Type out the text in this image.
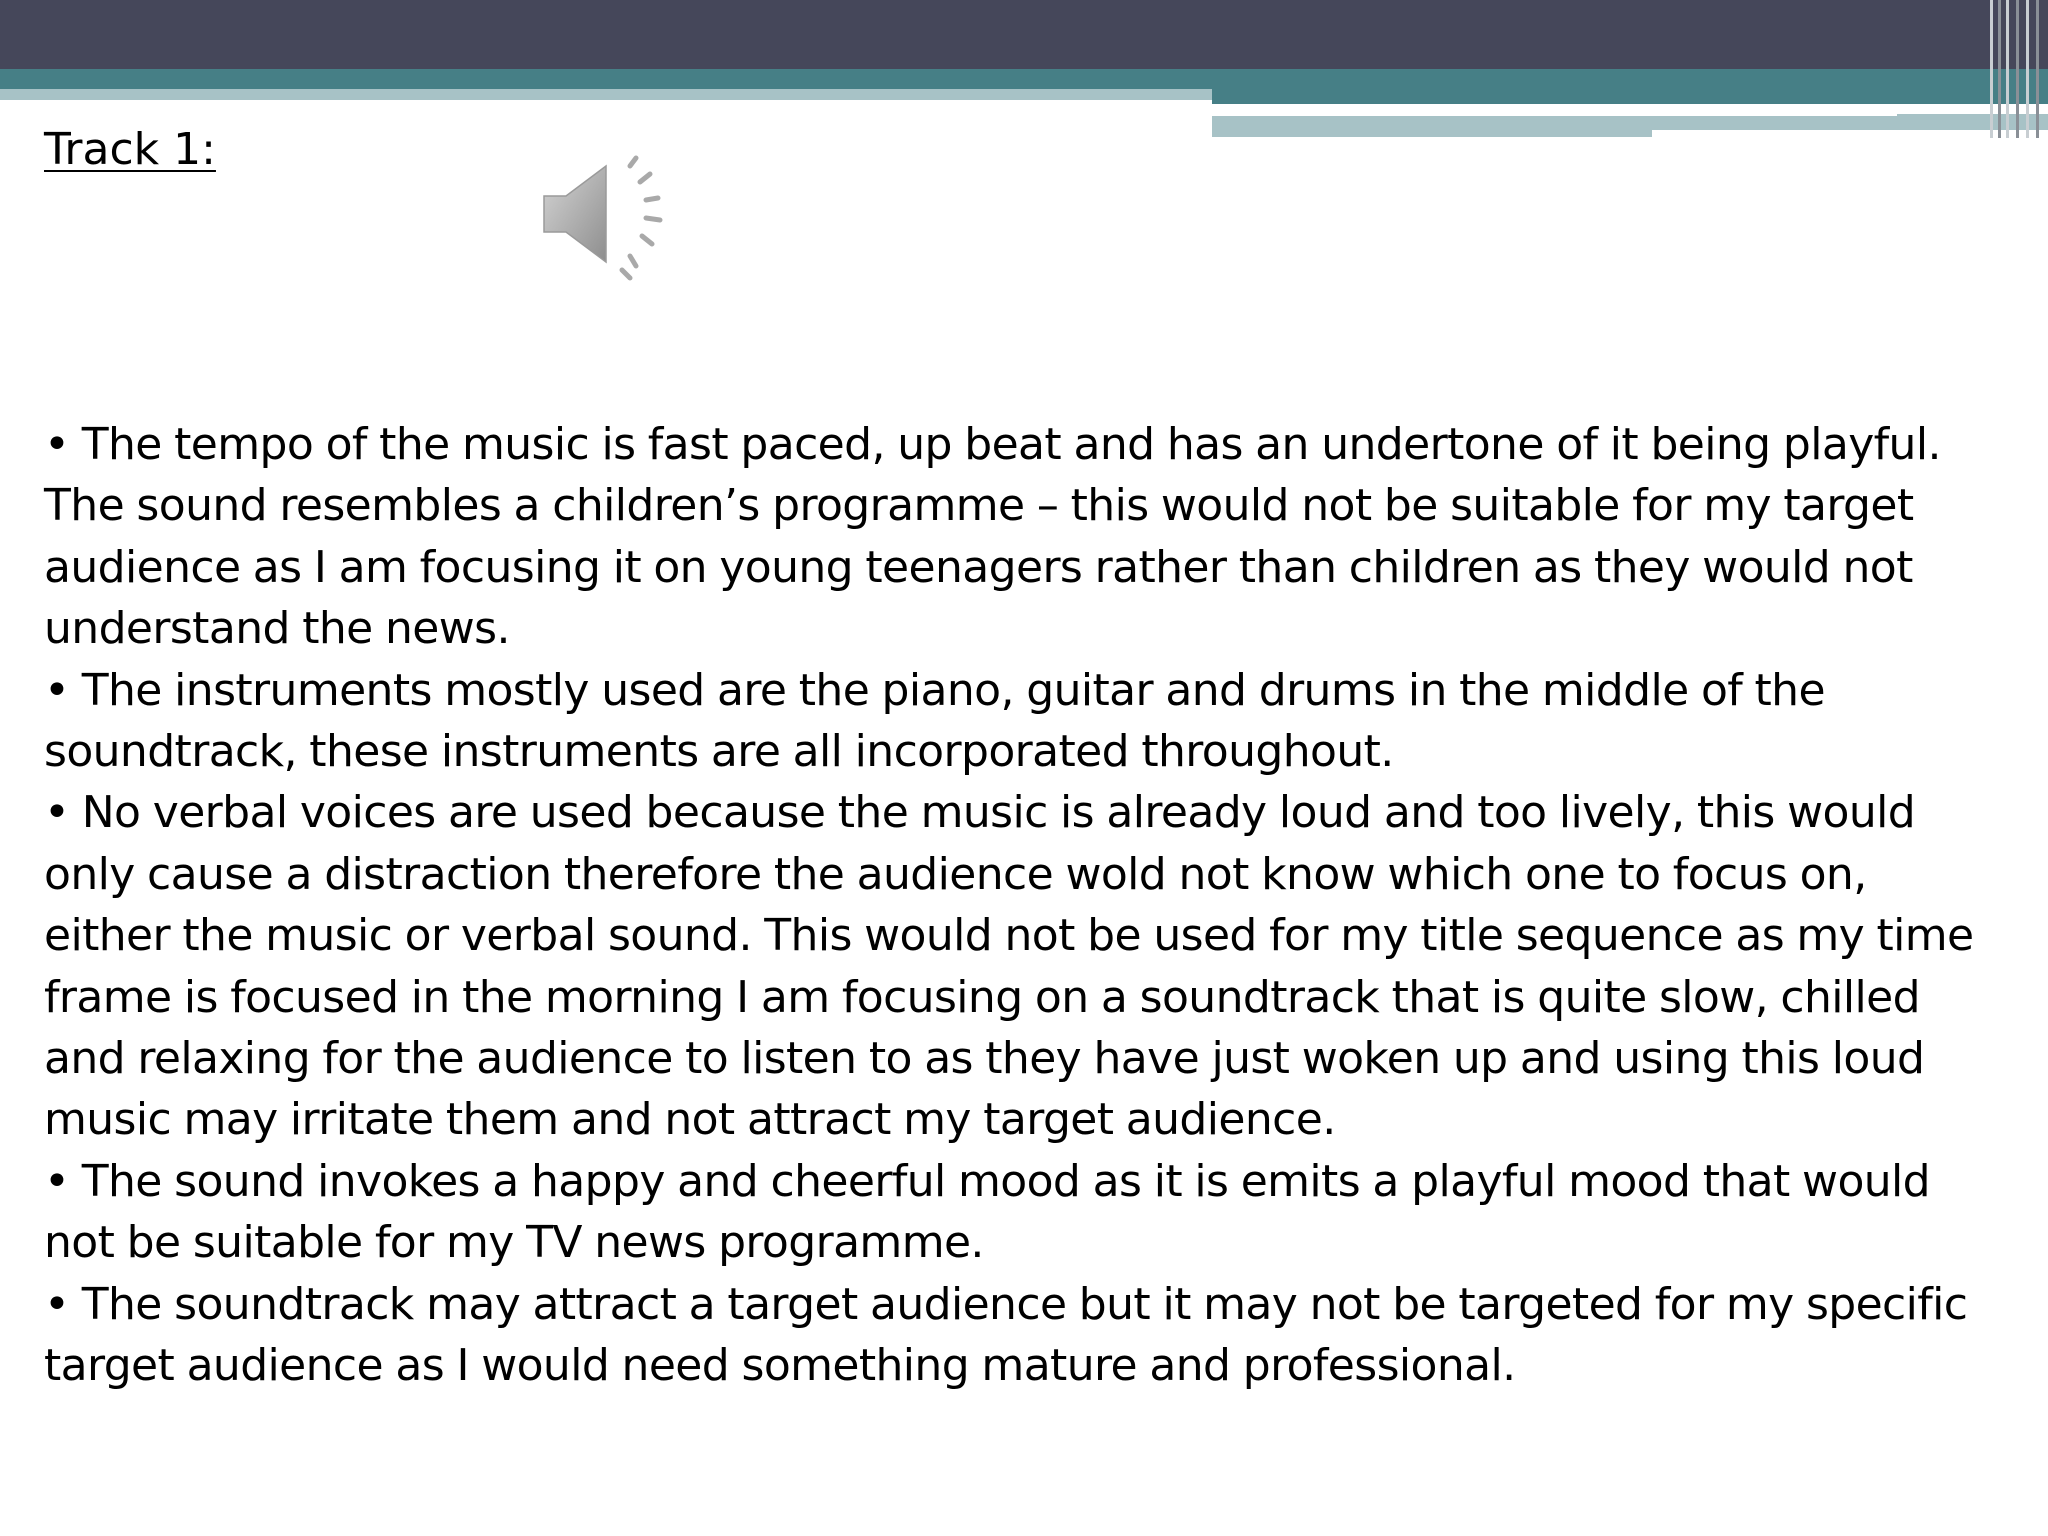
Track 1:

• The tempo of the music is fast paced, up beat and has an undertone of it being playful. The sound resembles a children’s programme – this would not be suitable for my target audience as I am focusing it on young teenagers rather than children as they would not understand the news.

• The instruments mostly used are the piano, guitar and drums in the middle of the soundtrack, these instruments are all incorporated throughout.

• No verbal voices are used because the music is already loud and too lively, this would only cause a distraction therefore the audience wold not know which one to focus on, either the music or verbal sound. This would not be used for my title sequence as my time frame is focused in the morning I am focusing on a soundtrack that is quite slow, chilled and relaxing for the audience to listen to as they have just woken up and using this loud music may irritate them and not attract my target audience.

• The sound invokes a happy and cheerful mood as it is emits a playful mood that would not be suitable for my TV news programme.

• The soundtrack may attract a target audience but it may not be targeted for my specific target audience as I would need something mature and professional.
